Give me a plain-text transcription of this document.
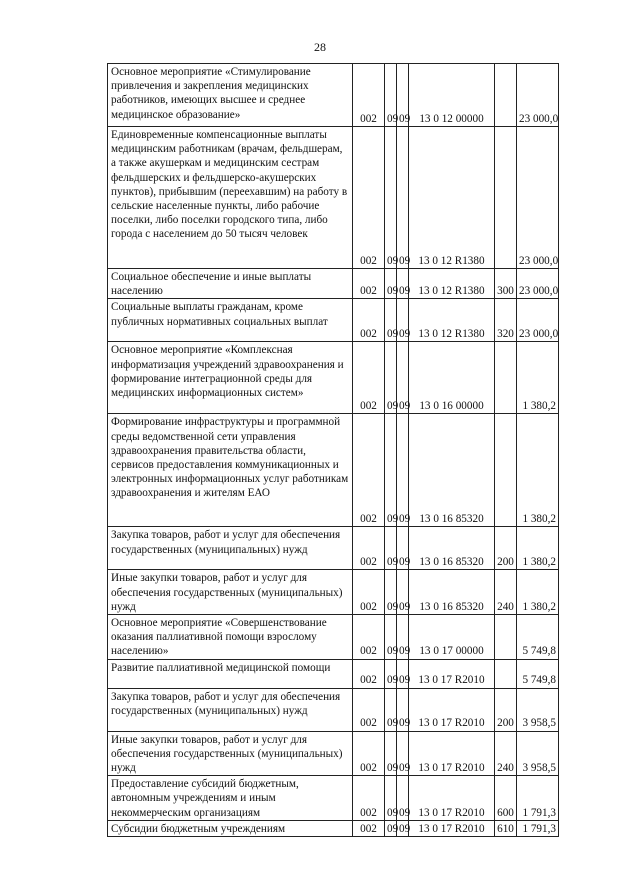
28
Основное мероприятие «Стимулирование привлечения и закрепления медицинских работников, имеющих высшее и среднее медицинское образование»	002	09	09	13 0 12 00000		23 000,0
Единовременные компенсационные выплаты медицинским работникам (врачам, фельдшерам, а также акушеркам и медицинским сестрам фельдшерских и фельдшерско-акушерских пунктов), прибывшим (переехавшим) на работу в сельские населенные пункты, либо рабочие поселки, либо поселки городского типа, либо города с населением до 50 тысяч человек	002	09	09	13 0 12 R1380		23 000,0
Социальное обеспечение и иные выплаты населению	002	09	09	13 0 12 R1380	300	23 000,0
Социальные выплаты гражданам, кроме публичных нормативных социальных выплат	002	09	09	13 0 12 R1380	320	23 000,0
Основное мероприятие «Комплексная информатизация учреждений здравоохранения и формирование интеграционной среды для медицинских информационных систем»	002	09	09	13 0 16 00000		1 380,2
Формирование инфраструктуры и программной среды ведомственной сети управления здравоохранения правительства области, сервисов предоставления коммуникационных и электронных информационных услуг работникам здравоохранения и жителям ЕАО	002	09	09	13 0 16 85320		1 380,2
Закупка товаров, работ и услуг для обеспечения государственных (муниципальных) нужд	002	09	09	13 0 16 85320	200	1 380,2
Иные закупки товаров, работ и услуг для обеспечения государственных (муниципальных) нужд	002	09	09	13 0 16 85320	240	1 380,2
Основное мероприятие «Совершенствование оказания паллиативной помощи взрослому населению»	002	09	09	13 0 17 00000		5 749,8
Развитие паллиативной медицинской помощи	002	09	09	13 0 17 R2010		5 749,8
Закупка товаров, работ и услуг для обеспечения государственных (муниципальных) нужд	002	09	09	13 0 17 R2010	200	3 958,5
Иные закупки товаров, работ и услуг для обеспечения государственных (муниципальных) нужд	002	09	09	13 0 17 R2010	240	3 958,5
Предоставление субсидий бюджетным, автономным учреждениям и иным некоммерческим организациям	002	09	09	13 0 17 R2010	600	1 791,3
Субсидии бюджетным учреждениям	002	09	09	13 0 17 R2010	610	1 791,3
